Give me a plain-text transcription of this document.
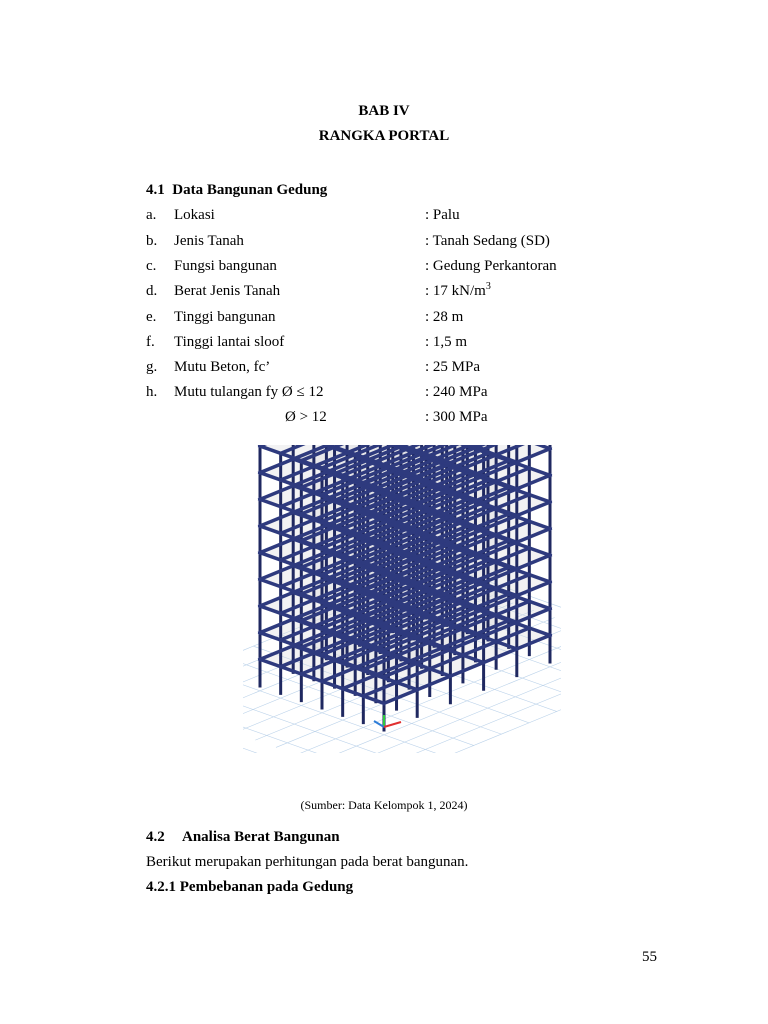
BAB IV
RANGKA PORTAL
4.1  Data Bangunan Gedung
a. Lokasi	: Palu
b. Jenis Tanah	: Tanah Sedang (SD)
c. Fungsi bangunan	: Gedung Perkantoran
d. Berat Jenis Tanah	: 17 $kN/m^3$
e. Tinggi bangunan	: 28 m
f. Tinggi lantai sloof	: 1,5 m
g. Mutu Beton, fc’	: 25 MPa
h. Mutu tulangan fy Ø ≤ 12	: 240 MPa
Ø > 12	: 300 MPa
(Sumber: Data Kelompok 1, 2024)
4.2 Analisa Berat Bangunan
Berikut merupakan perhitungan pada berat bangunan.
4.2.1 Pembebanan pada Gedung
55
